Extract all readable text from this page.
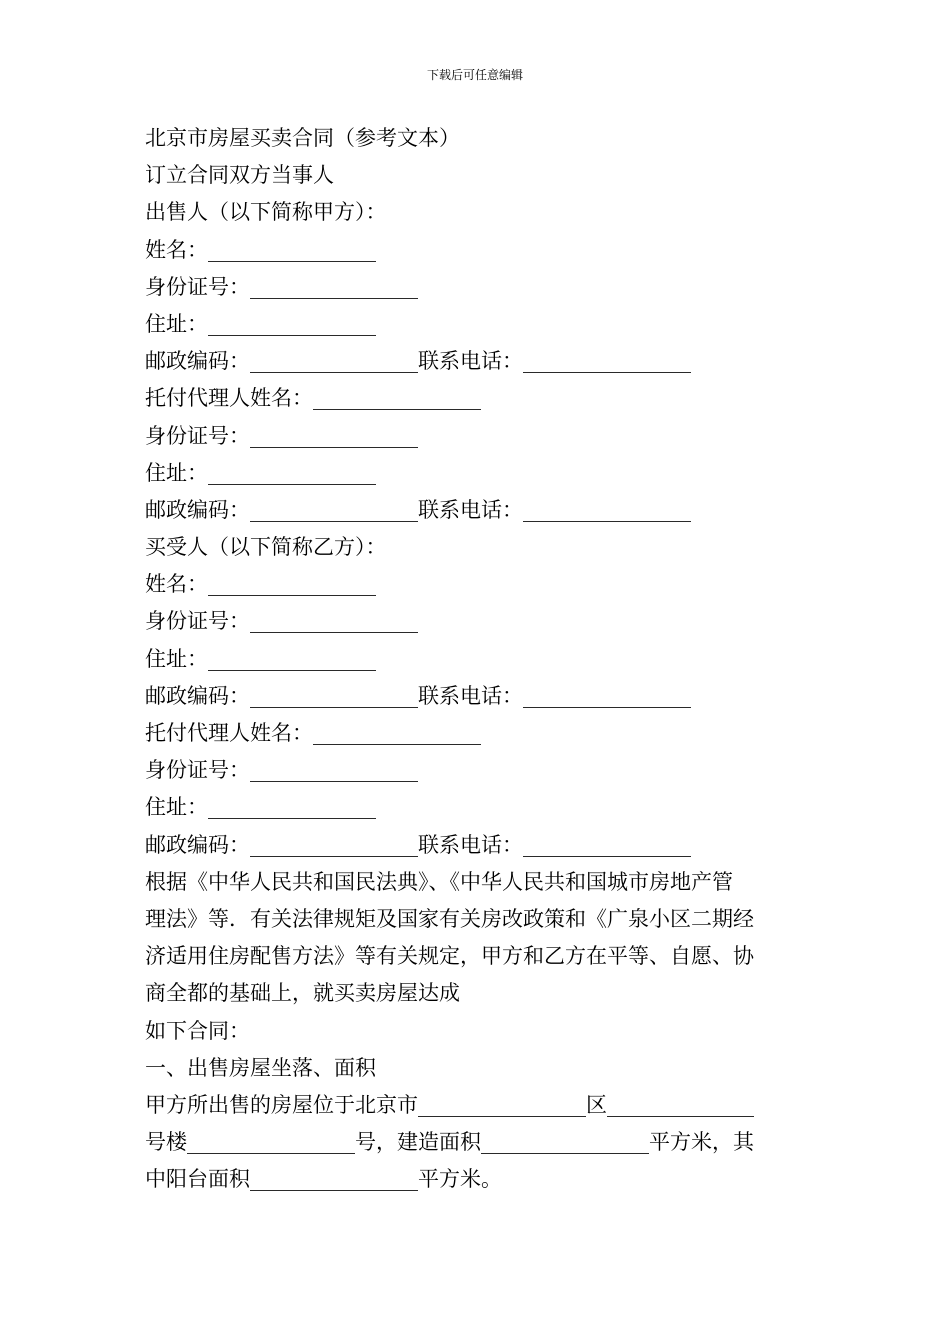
下载后可任意编辑
北京市房屋买卖合同（参考文本）
订立合同双方当事人
出售人（以下简称甲方）：
姓名：________________
身份证号：________________
住址：________________
邮政编码：________________联系电话：________________
托付代理人姓名：________________
身份证号：________________
住址：________________
邮政编码：________________联系电话：________________
买受人（以下简称乙方）：
姓名：________________
身份证号：________________
住址：________________
邮政编码：________________联系电话：________________
托付代理人姓名：________________
身份证号：________________
住址：________________
邮政编码：________________联系电话：________________
根据《中华人民共和国民法典》、《中华人民共和国城市房地产管
理法》等．有关法律规矩及国家有关房改政策和《广泉小区二期经
济适用住房配售方法》等有关规定，甲方和乙方在平等、自愿、协
商全都的基础上，就买卖房屋达成
如下合同：
一、出售房屋坐落、面积
甲方所出售的房屋位于北京市________________区______________
号楼________________号，建造面积________________平方米，其
中阳台面积________________平方米。
